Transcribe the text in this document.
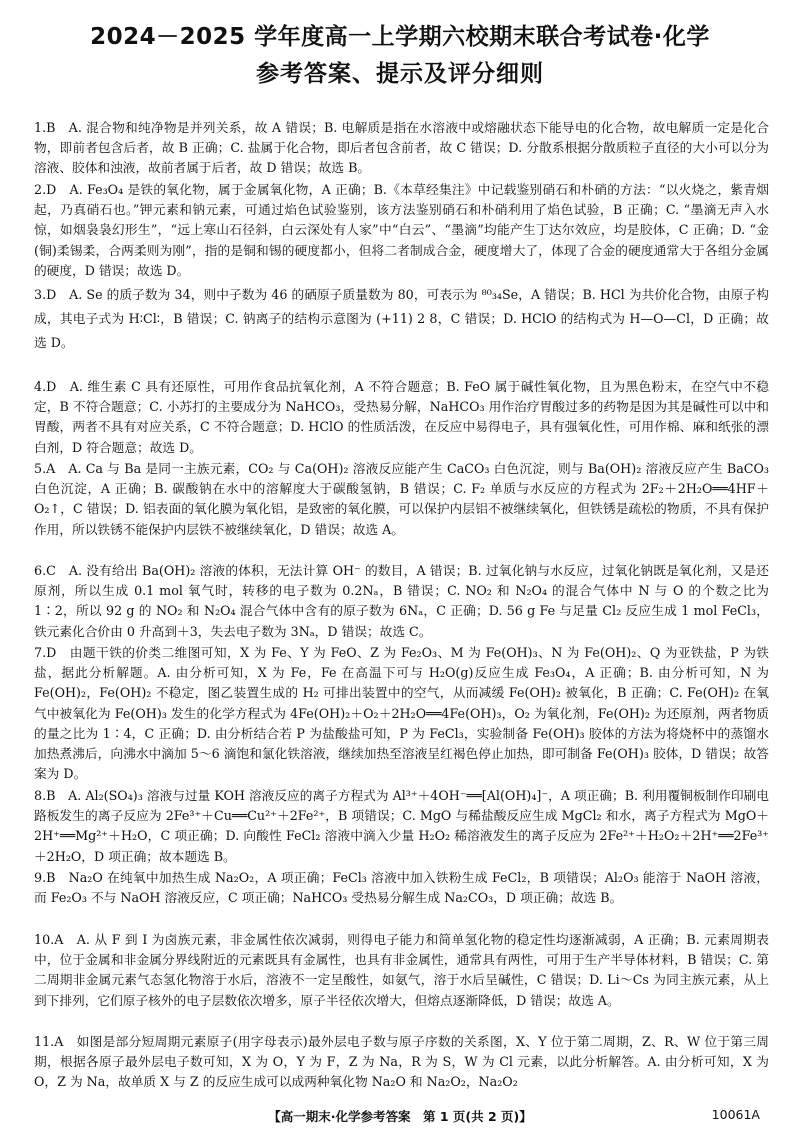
2024－2025 学年度高一上学期六校期末联合考试卷·化学
参考答案、提示及评分细则
1.B　A. 混合物和纯净物是并列关系，故 A 错误；B. 电解质是指在水溶液中或熔融状态下能导电的化合物，故电解质一定是化合物，即前者包含后者，故 B 正确；C. 盐属于化合物，即后者包含前者，故 C 错误；D. 分散系根据分散质粒子直径的大小可以分为溶液、胶体和浊液，故前者属于后者，故 D 错误；故选 B。
2.D　A. Fe₃O₄ 是铁的氧化物，属于金属氧化物，A 正确；B.《本草经集注》中记载鉴别硝石和朴硝的方法：“以火烧之，紫青烟起，乃真硝石也。”钾元素和钠元素，可通过焰色试验鉴别，该方法鉴别硝石和朴硝利用了焰色试验，B 正确；C. “墨滴无声入水惊，如烟袅袅幻形生”，“远上寒山石径斜，白云深处有人家”中“白云”、“墨滴”均能产生丁达尔效应，均是胶体，C 正确；D. “金(铜)柔锡柔，合两柔则为刚”，指的是铜和锡的硬度都小，但将二者制成合金，硬度增大了，体现了合金的硬度通常大于各组分金属的硬度，D 错误；故选 D。
3.D　A. Se 的质子数为 34，则中子数为 46 的硒原子质量数为 80，可表示为 ⁸⁰₃₄Se，A 错误；B. HCl 为共价化合物，由原子构成，其电子式为 H∶Cl∶，B 错误；C. 钠离子的结构示意图为 (+11) 2 8，C 错误；D. HClO 的结构式为 H—O—Cl，D 正确；故选 D。
4.D　A. 维生素 C 具有还原性，可用作食品抗氧化剂，A 不符合题意；B. FeO 属于碱性氧化物，且为黑色粉末，在空气中不稳定，B 不符合题意；C. 小苏打的主要成分为 NaHCO₃，受热易分解，NaHCO₃ 用作治疗胃酸过多的药物是因为其是碱性可以中和胃酸，两者不具有对应关系，C 不符合题意；D. HClO 的性质活泼，在反应中易得电子，具有强氧化性，可用作棉、麻和纸张的漂白剂，D 符合题意；故选 D。
5.A　A. Ca 与 Ba 是同一主族元素，CO₂ 与 Ca(OH)₂ 溶液反应能产生 CaCO₃ 白色沉淀，则与 Ba(OH)₂ 溶液反应产生 BaCO₃ 白色沉淀，A 正确；B. 碳酸钠在水中的溶解度大于碳酸氢钠，B 错误；C. F₂ 单质与水反应的方程式为 2F₂＋2H₂O══4HF＋O₂↑，C 错误；D. 铝表面的氧化膜为氧化铝，是致密的氧化膜，可以保护内层铝不被继续氧化，但铁锈是疏松的物质，不具有保护作用，所以铁锈不能保护内层铁不被继续氧化，D 错误；故选 A。
6.C　A. 没有给出 Ba(OH)₂ 溶液的体积，无法计算 OH⁻ 的数目，A 错误；B. 过氧化钠与水反应，过氧化钠既是氧化剂，又是还原剂，所以生成 0.1 mol 氧气时，转移的电子数为 0.2Nₐ，B 错误；C. NO₂ 和 N₂O₄ 的混合气体中 N 与 O 的个数之比为 1∶2，所以 92 g 的 NO₂ 和 N₂O₄ 混合气体中含有的原子数为 6Nₐ，C 正确；D. 56 g Fe 与足量 Cl₂ 反应生成 1 mol FeCl₃，铁元素化合价由 0 升高到＋3，失去电子数为 3Nₐ，D 错误；故选 C。
7.D　由题干铁的价类二维图可知，X 为 Fe、Y 为 FeO、Z 为 Fe₂O₃、M 为 Fe(OH)₃、N 为 Fe(OH)₂、Q 为亚铁盐，P 为铁盐，据此分析解题。A. 由分析可知，X 为 Fe，Fe 在高温下可与 H₂O(g)反应生成 Fe₃O₄，A 正确；B. 由分析可知，N 为 Fe(OH)₂，Fe(OH)₂ 不稳定，图乙装置生成的 H₂ 可排出装置中的空气，从而减缓 Fe(OH)₂ 被氧化，B 正确；C. Fe(OH)₂ 在氧气中被氧化为 Fe(OH)₃ 发生的化学方程式为 4Fe(OH)₂＋O₂＋2H₂O══4Fe(OH)₃，O₂ 为氧化剂，Fe(OH)₂ 为还原剂，两者物质的量之比为 1∶4，C 正确；D. 由分析结合若 P 为盐酸盐可知，P 为 FeCl₃，实验制备 Fe(OH)₃ 胶体的方法为将烧杯中的蒸馏水加热煮沸后，向沸水中滴加 5～6 滴饱和氯化铁溶液，继续加热至溶液呈红褐色停止加热，即可制备 Fe(OH)₃ 胶体，D 错误；故答案为 D。
8.B　A. Al₂(SO₄)₃ 溶液与过量 KOH 溶液反应的离子方程式为 Al³⁺＋4OH⁻══[Al(OH)₄]⁻，A 项正确；B. 利用覆铜板制作印刷电路板发生的离子反应为 2Fe³⁺＋Cu══Cu²⁺＋2Fe²⁺，B 项错误；C. MgO 与稀盐酸反应生成 MgCl₂ 和水，离子方程式为 MgO＋2H⁺══Mg²⁺＋H₂O，C 项正确；D. 向酸性 FeCl₂ 溶液中滴入少量 H₂O₂ 稀溶液发生的离子反应为 2Fe²⁺＋H₂O₂＋2H⁺══2Fe³⁺＋2H₂O，D 项正确；故本题选 B。
9.B　Na₂O 在纯氧中加热生成 Na₂O₂，A 项正确；FeCl₃ 溶液中加入铁粉生成 FeCl₂，B 项错误；Al₂O₃ 能溶于 NaOH 溶液，而 Fe₂O₃ 不与 NaOH 溶液反应，C 项正确；NaHCO₃ 受热易分解生成 Na₂CO₃，D 项正确；故选 B。
10.A　A. 从 F 到 I 为卤族元素，非金属性依次减弱，则得电子能力和简单氢化物的稳定性均逐渐减弱，A 正确；B. 元素周期表中，位于金属和非金属分界线附近的元素既具有金属性，也具有非金属性，通常具有两性，可用于生产半导体材料，B 错误；C. 第二周期非金属元素气态氢化物溶于水后，溶液不一定呈酸性，如氨气，溶于水后呈碱性，C 错误；D. Li～Cs 为同主族元素，从上到下排列，它们原子核外的电子层数依次增多，原子半径依次增大，但熔点逐渐降低，D 错误；故选 A。
11.A　如图是部分短周期元素原子(用字母表示)最外层电子数与原子序数的关系图，X、Y 位于第二周期，Z、R、W 位于第三周期，根据各原子最外层电子数可知，X 为 O，Y 为 F，Z 为 Na，R 为 S，W 为 Cl 元素，以此分析解答。A. 由分析可知，X 为 O，Z 为 Na，故单质 X 与 Z 的反应生成可以成两种氧化物 Na₂O 和 Na₂O₂，Na₂O₂
【高一期末·化学参考答案　第 1 页(共 2 页)】	10061A
